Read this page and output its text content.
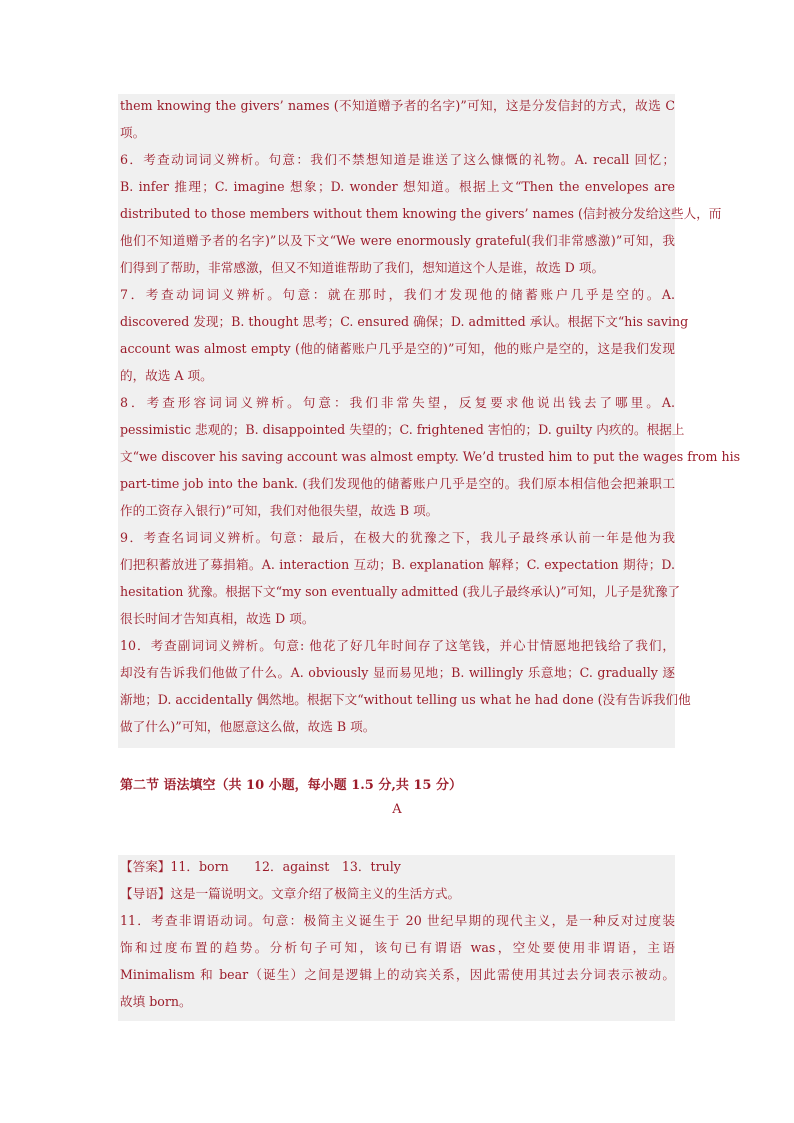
them knowing the givers’ names (不知道赠予者的名字)”可知，这是分发信封的方式，故选 C
项。
6．考查动词词义辨析。句意：我们不禁想知道是谁送了这么慷慨的礼物。A. recall 回忆；
B. infer 推理；C. imagine 想象；D. wonder 想知道。根据上文“Then the envelopes are
distributed to those members without them knowing the givers’ names (信封被分发给这些人，而
他们不知道赠予者的名字)”以及下文“We were enormously grateful(我们非常感激)”可知，我
们得到了帮助，非常感激，但又不知道谁帮助了我们，想知道这个人是谁，故选 D 项。
7．考查动词词义辨析。句意：就在那时，我们才发现他的储蓄账户几乎是空的。A.
discovered 发现；B. thought 思考；C. ensured 确保；D. admitted 承认。根据下文“his saving
account was almost empty (他的储蓄账户几乎是空的)”可知，他的账户是空的，这是我们发现
的，故选 A 项。
8．考查形容词词义辨析。句意：我们非常失望，反复要求他说出钱去了哪里。A.
pessimistic 悲观的；B. disappointed 失望的；C. frightened 害怕的；D. guilty 内疚的。根据上
文“we discover his saving account was almost empty. We’d trusted him to put the wages from his
part-time job into the bank. (我们发现他的储蓄账户几乎是空的。我们原本相信他会把兼职工
作的工资存入银行)”可知，我们对他很失望，故选 B 项。
9．考查名词词义辨析。句意：最后，在极大的犹豫之下，我儿子最终承认前一年是他为我
们把积蓄放进了募捐箱。A. interaction 互动；B. explanation 解释；C. expectation 期待；D.
hesitation 犹豫。根据下文“my son eventually admitted (我儿子最终承认)”可知，儿子是犹豫了
很长时间才告知真相，故选 D 项。
10．考查副词词义辨析。句意: 他花了好几年时间存了这笔钱，并心甘情愿地把钱给了我们，
却没有告诉我们他做了什么。A. obviously 显而易见地；B. willingly 乐意地；C. gradually 逐
渐地；D. accidentally 偶然地。根据下文“without telling us what he had done (没有告诉我们他
做了什么)”可知，他愿意这么做，故选 B 项。
第二节 语法填空（共 10 小题，每小题 1.5 分,共 15 分）
A
【答案】11．born　　12．against　13．truly
【导语】这是一篇说明文。文章介绍了极简主义的生活方式。
11．考查非谓语动词。句意：极简主义诞生于 20 世纪早期的现代主义，是一种反对过度装
饰和过度布置的趋势。分析句子可知，该句已有谓语 was，空处要使用非谓语，主语
Minimalism 和 bear（诞生）之间是逻辑上的动宾关系，因此需使用其过去分词表示被动。
故填 born。
